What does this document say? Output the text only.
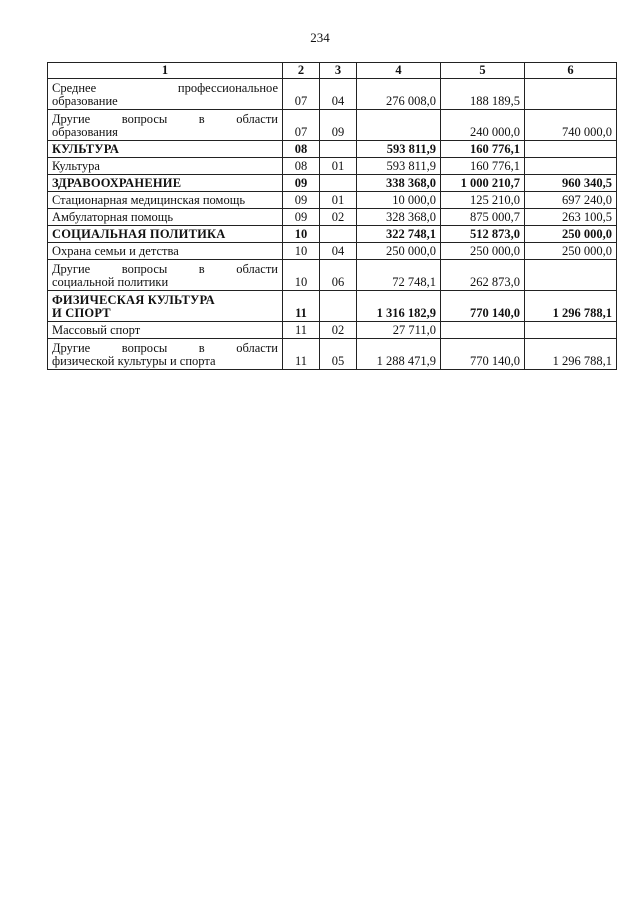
234
1	2	3	4	5	6

Среднее профессиональное
образование	07	04	276 008,0	188 189,5	

Другие вопросы в области
образования	07	09		240 000,0	740 000,0

КУЛЬТУРА	08		593 811,9	160 776,1	

Культура	08	01	593 811,9	160 776,1	

ЗДРАВООХРАНЕНИЕ	09		338 368,0	1 000 210,7	960 340,5

Стационарная медицинская помощь	09	01	10 000,0	125 210,0	697 240,0

Амбулаторная помощь	09	02	328 368,0	875 000,7	263 100,5

СОЦИАЛЬНАЯ ПОЛИТИКА	10		322 748,1	512 873,0	250 000,0

Охрана семьи и детства	10	04	250 000,0	250 000,0	250 000,0

Другие вопросы в области
социальной политики	10	06	72 748,1	262 873,0	

ФИЗИЧЕСКАЯ КУЛЬТУРА
И СПОРТ	11		1 316 182,9	770 140,0	1 296 788,1

Массовый спорт	11	02	27 711,0		

Другие вопросы в области
физической культуры и спорта	11	05	1 288 471,9	770 140,0	1 296 788,1
